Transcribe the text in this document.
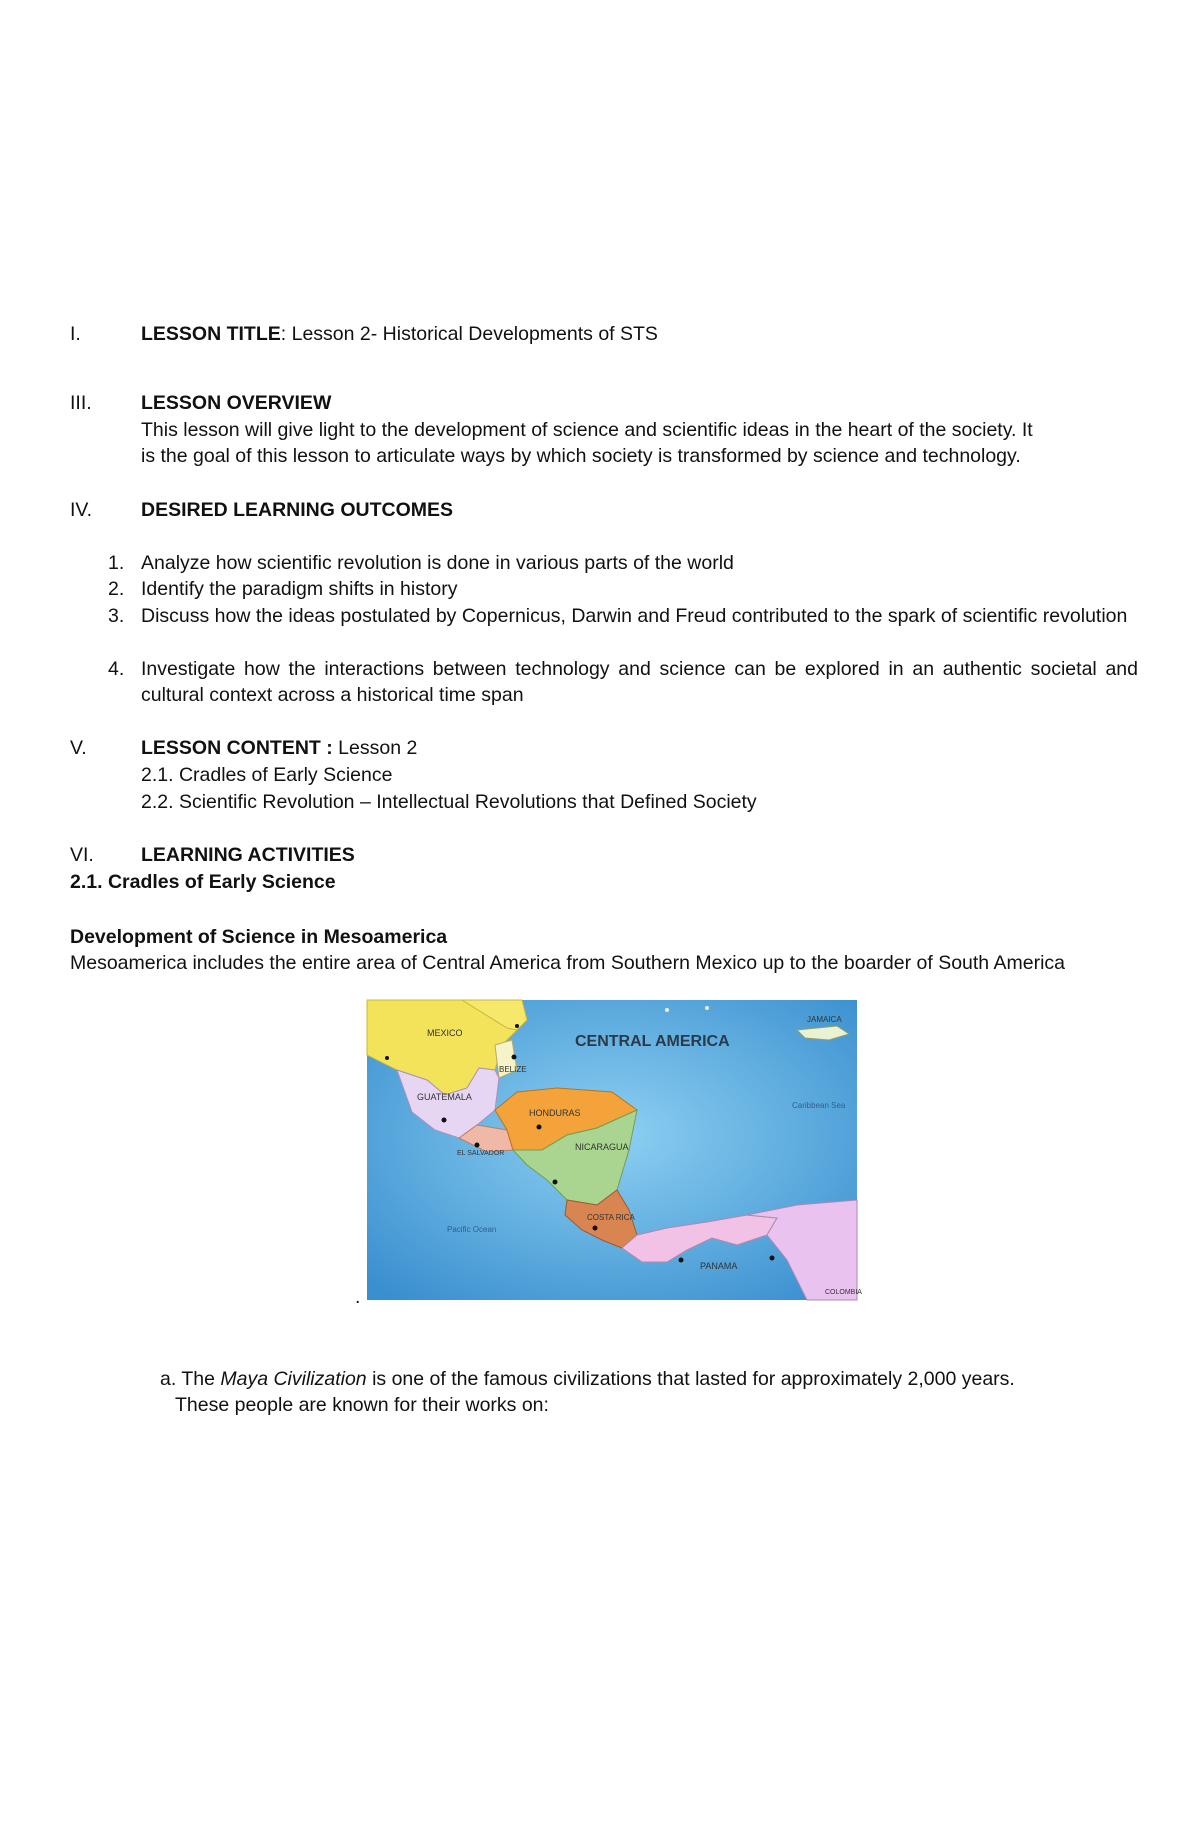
I.	LESSON TITLE: Lesson 2- Historical Developments of STS
III.	LESSON OVERVIEW
This lesson will give light to the development of science and scientific ideas in the heart of the society. It
is the goal of this lesson to articulate ways by which society is transformed by science and technology.
IV.	DESIRED LEARNING OUTCOMES
1. Analyze how scientific revolution is done in various parts of the world
2. Identify the paradigm shifts in history
3. Discuss how the ideas postulated by Copernicus, Darwin and Freud contributed to the spark of scientific revolution
4. Investigate how the interactions between technology and science can be explored in an authentic societal and cultural context across a historical time span
V.	LESSON CONTENT : Lesson 2
2.1. Cradles of Early Science
2.2. Scientific Revolution – Intellectual Revolutions that Defined Society
VI. LEARNING ACTIVITIES
2.1. Cradles of Early Science
Development of Science in Mesoamerica
Mesoamerica includes the entire area of Central America from Southern Mexico up to the boarder of South America
CENTRAL AMERICA
MEXICO
BELIZE
GUATEMALA
HONDURAS
EL SALVADOR
NICARAGUA
COSTA RICA
PANAMA
JAMAICA
COLOMBIA
Pacific Ocean
Caribbean Sea
.
a. The Maya Civilization is one of the famous civilizations that lasted for approximately 2,000 years.
These people are known for their works on:
